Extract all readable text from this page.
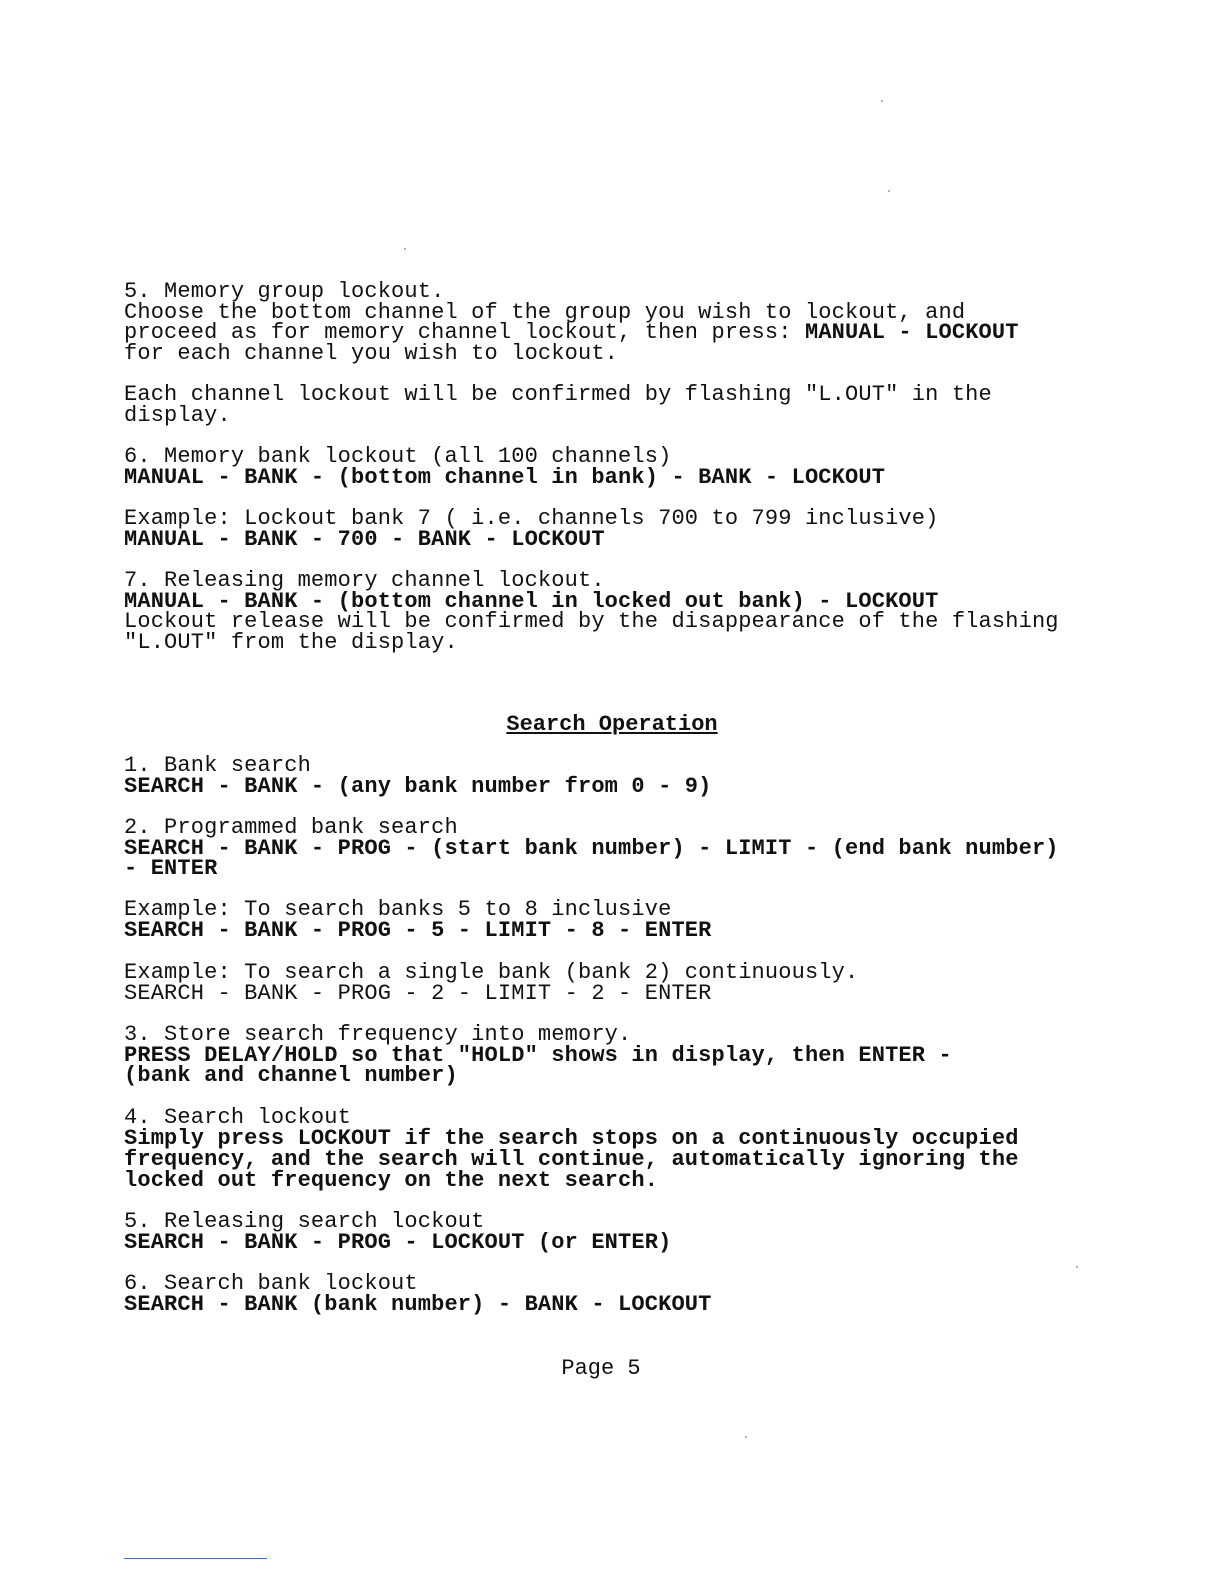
5. Memory group lockout.
Choose the bottom channel of the group you wish to lockout, and
proceed as for memory channel lockout, then press: MANUAL - LOCKOUT
for each channel you wish to lockout.
Each channel lockout will be confirmed by flashing "L.OUT" in the
display.
6. Memory bank lockout (all 100 channels)
MANUAL - BANK - (bottom channel in bank) - BANK - LOCKOUT
Example: Lockout bank 7 ( i.e. channels 700 to 799 inclusive)
MANUAL - BANK - 700 - BANK - LOCKOUT
7. Releasing memory channel lockout.
MANUAL - BANK - (bottom channel in locked out bank) - LOCKOUT
Lockout release will be confirmed by the disappearance of the flashing
"L.OUT" from the display.
Search Operation
1. Bank search
SEARCH - BANK - (any bank number from 0 - 9)
2. Programmed bank search
SEARCH - BANK - PROG - (start bank number) - LIMIT - (end bank number)
- ENTER
Example: To search banks 5 to 8 inclusive
SEARCH - BANK - PROG - 5 - LIMIT - 8 - ENTER
Example: To search a single bank (bank 2) continuously.
SEARCH - BANK - PROG - 2 - LIMIT - 2 - ENTER
3. Store search frequency into memory.
PRESS DELAY/HOLD so that "HOLD" shows in display, then ENTER -
(bank and channel number)
4. Search lockout
Simply press LOCKOUT if the search stops on a continuously occupied
frequency, and the search will continue, automatically ignoring the
locked out frequency on the next search.
5. Releasing search lockout
SEARCH - BANK - PROG - LOCKOUT (or ENTER)
6. Search bank lockout
SEARCH - BANK (bank number) - BANK - LOCKOUT
Page 5
